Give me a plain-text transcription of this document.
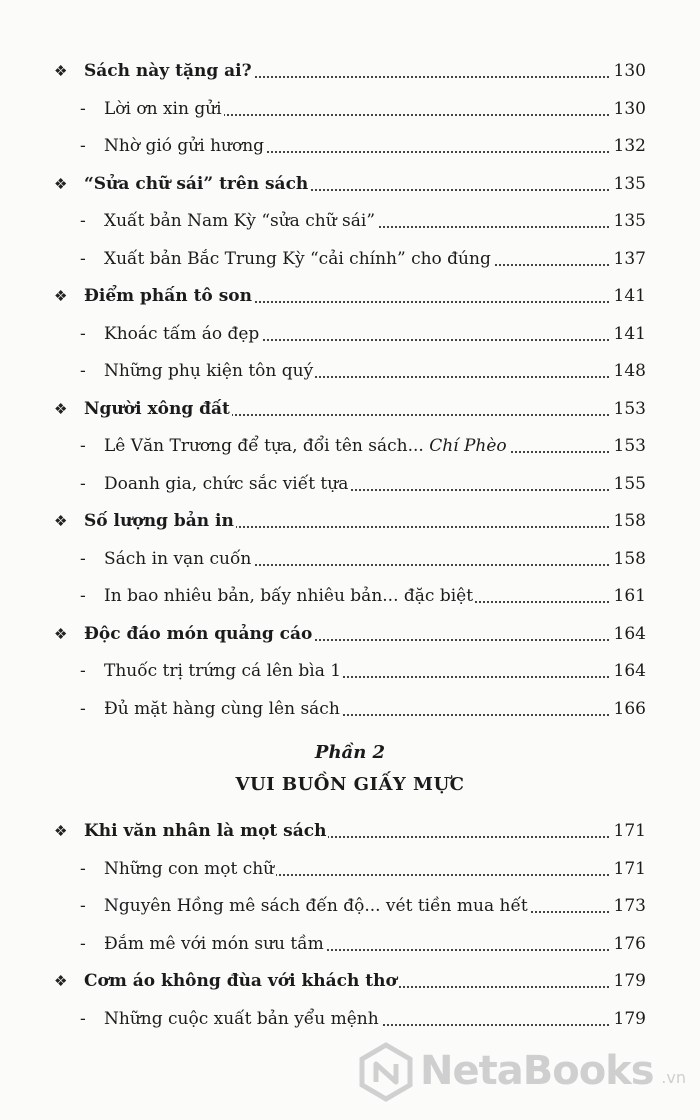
❖ Sách này tặng ai?	130
- Lời ơn xin gửi	130
- Nhờ gió gửi hương	132
❖ “Sửa chữ sái” trên sách	135
- Xuất bản Nam Kỳ “sửa chữ sái”	135
- Xuất bản Bắc Trung Kỳ “cải chính” cho đúng	137
❖ Điểm phấn tô son	141
- Khoác tấm áo đẹp	141
- Những phụ kiện tôn quý	148
❖ Người xông đất	153
- Lê Văn Trương để tựa, đổi tên sách... Chí Phèo	153
- Doanh gia, chức sắc viết tựa	155
❖ Số lượng bản in	158
- Sách in vạn cuốn	158
- In bao nhiêu bản, bấy nhiêu bản... đặc biệt	161
❖ Độc đáo món quảng cáo	164
- Thuốc trị trứng cá lên bìa 1	164
- Đủ mặt hàng cùng lên sách	166
❖ Khi văn nhân là mọt sách	171
- Những con mọt chữ	171
- Nguyên Hồng mê sách đến độ... vét tiền mua hết	173
- Đắm mê với món sưu tầm	176
❖ Cơm áo không đùa với khách thơ	179
- Những cuộc xuất bản yểu mệnh	179
Phần 2
VUI BUỒN GIẤY MỰC
NetaBooks .vn
